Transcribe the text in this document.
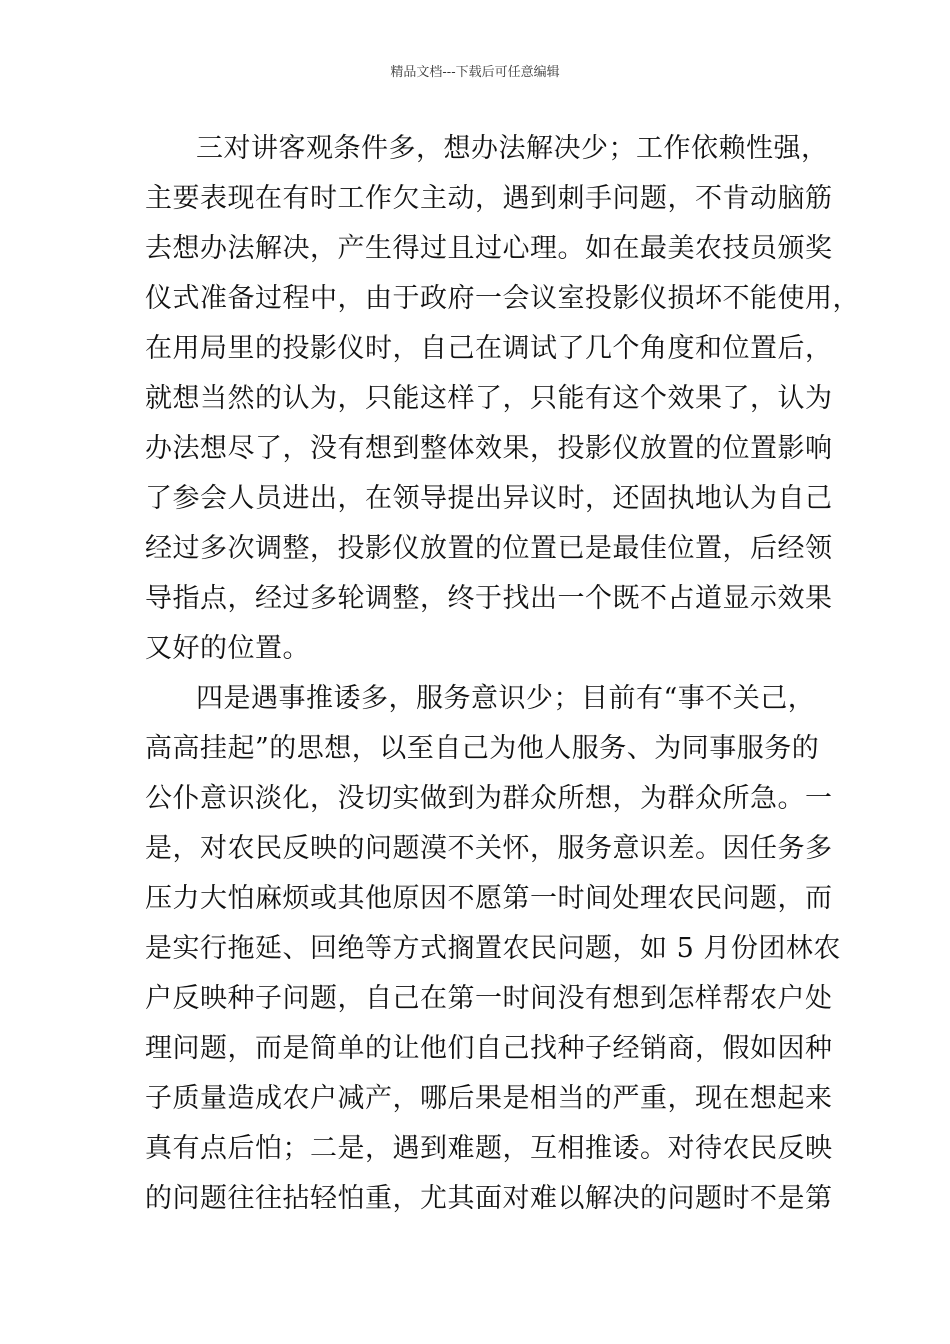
精品文档---下载后可任意编辑
三对讲客观条件多，想办法解决少；工作依赖性强，
主要表现在有时工作欠主动，遇到刺手问题，不肯动脑筋
去想办法解决，产生得过且过心理。如在最美农技员颁奖
仪式准备过程中，由于政府一会议室投影仪损坏不能使用，
在用局里的投影仪时，自己在调试了几个角度和位置后，
就想当然的认为，只能这样了，只能有这个效果了，认为
办法想尽了，没有想到整体效果，投影仪放置的位置影响
了参会人员进出，在领导提出异议时，还固执地认为自己
经过多次调整，投影仪放置的位置已是最佳位置，后经领
导指点，经过多轮调整，终于找出一个既不占道显示效果
又好的位置。
四是遇事推诿多，服务意识少；目前有“事不关己，
高高挂起”的思想，以至自己为他人服务、为同事服务的
公仆意识淡化，没切实做到为群众所想，为群众所急。一
是，对农民反映的问题漠不关怀，服务意识差。因任务多
压力大怕麻烦或其他原因不愿第一时间处理农民问题，而
是实行拖延、回绝等方式搁置农民问题，如 5 月份团林农
户反映种子问题，自己在第一时间没有想到怎样帮农户处
理问题，而是简单的让他们自己找种子经销商，假如因种
子质量造成农户减产，哪后果是相当的严重，现在想起来
真有点后怕；二是，遇到难题，互相推诿。对待农民反映
的问题往往拈轻怕重，尤其面对难以解决的问题时不是第
